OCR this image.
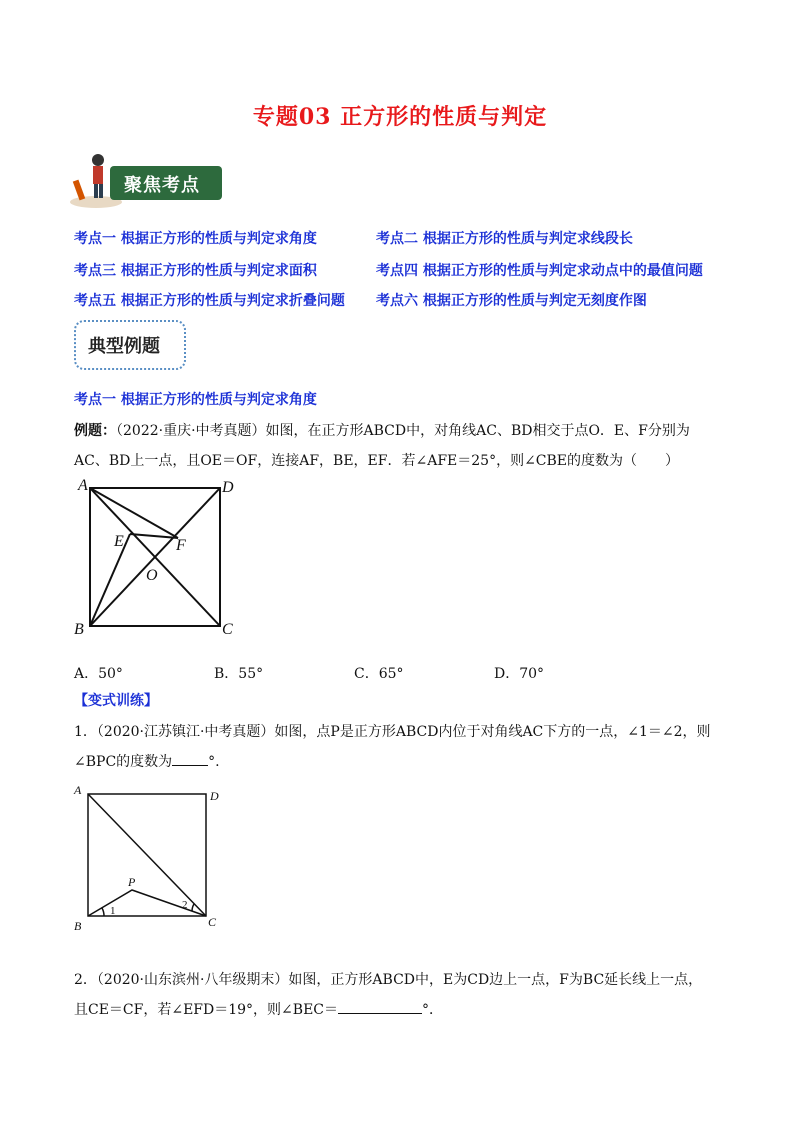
专题03 正方形的性质与判定
聚焦考点
考点一 根据正方形的性质与判定求角度	考点二 根据正方形的性质与判定求线段长
考点三 根据正方形的性质与判定求面积	考点四 根据正方形的性质与判定求动点中的最值问题
考点五 根据正方形的性质与判定求折叠问题 考点六 根据正方形的性质与判定无刻度作图
典型例题
考点一 根据正方形的性质与判定求角度
例题：（2022·重庆·中考真题）如图，在正方形ABCD中，对角线AC、BD相交于点O．E、F分别为
AC、BD上一点，且OE＝OF，连接AF，BE，EF．若∠AFE＝25°，则∠CBE的度数为（　　）
A	D
B	C
E	F
O
A．50°	B．55°	C．65°	D．70°
【变式训练】
1．（2020·江苏镇江·中考真题）如图，点P是正方形ABCD内位于对角线AC下方的一点，∠1＝∠2，则
∠BPC的度数为	°.
A	D
B	C
P
1	2
2．（2020·山东滨州·八年级期末）如图，正方形ABCD中，E为CD边上一点，F为BC延长线上一点，
且CE＝CF，若∠EFD＝19°，则∠BEC＝	°．
